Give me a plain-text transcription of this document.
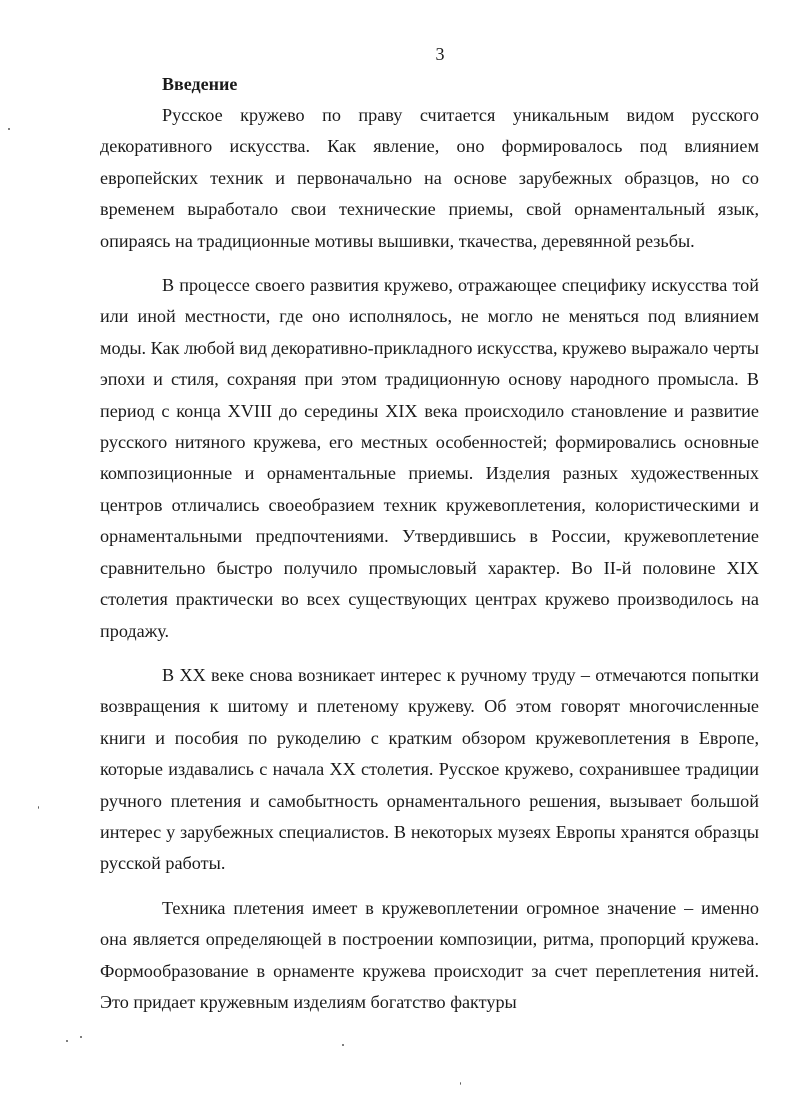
3
Введение

Русское кружево по праву считается уникальным видом русского декоративного искусства. Как явление, оно формировалось под влиянием европейских техник и первоначально на основе зарубежных образцов, но со временем выработало свои технические приемы, свой орнаментальный язык, опираясь на традиционные мотивы вышивки, ткачества, деревянной резьбы.

В процессе своего развития кружево, отражающее специфику искусства той или иной местности, где оно исполнялось, не могло не меняться под влиянием моды. Как любой вид декоративно-прикладного искусства, кружево выражало черты эпохи и стиля, сохраняя при этом традиционную основу народного промысла. В период с конца XVIII до середины XIX века происходило становление и развитие русского нитяного кружева, его местных особенностей; формировались основные композиционные и орнаментальные приемы. Изделия разных художественных центров отличались своеобразием техник кружевоплетения, колористическими и орнаментальными предпочтениями. Утвердившись в России, кружевоплетение сравнительно быстро получило промысловый характер. Во II-й половине XIX столетия практически во всех существующих центрах кружево производилось на продажу.

В XX веке снова возникает интерес к ручному труду – отмечаются попытки возвращения к шитому и плетеному кружеву. Об этом говорят многочисленные книги и пособия по рукоделию с кратким обзором кружевоплетения в Европе, которые издавались с начала XX столетия. Русское кружево, сохранившее традиции ручного плетения и самобытность орнаментального решения, вызывает большой интерес у зарубежных специалистов. В некоторых музеях Европы хранятся образцы русской работы.

Техника плетения имеет в кружевоплетении огромное значение – именно она является определяющей в построении композиции, ритма, пропорций кружева. Формообразование в орнаменте кружева происходит за счет переплетения нитей. Это придает кружевным изделиям богатство фактуры
